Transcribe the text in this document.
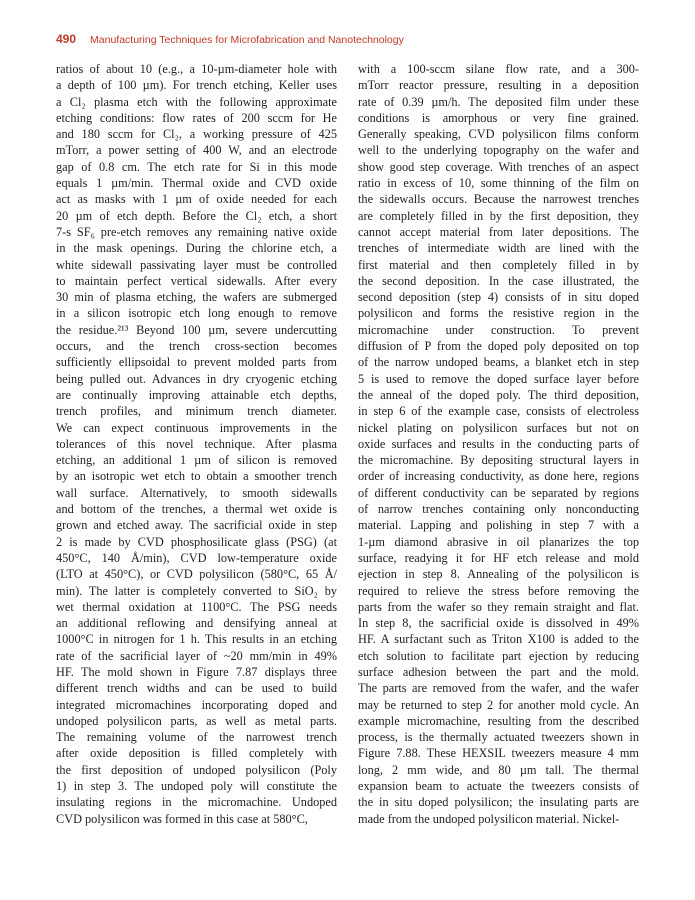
490 Manufacturing Techniques for Microfabrication and Nanotechnology
ratios of about 10 (e.g., a 10-µm-diameter hole with
a depth of 100 µm). For trench etching, Keller uses
a Cl₂ plasma etch with the following approximate
etching conditions: flow rates of 200 sccm for He
and 180 sccm for Cl₂, a working pressure of 425
mTorr, a power setting of 400 W, and an electrode
gap of 0.8 cm. The etch rate for Si in this mode
equals 1 µm/min. Thermal oxide and CVD oxide
act as masks with 1 µm of oxide needed for each
20 µm of etch depth. Before the Cl₂ etch, a short
7-s SF₆ pre-etch removes any remaining native oxide
in the mask openings. During the chlorine etch, a
white sidewall passivating layer must be controlled
to maintain perfect vertical sidewalls. After every
30 min of plasma etching, the wafers are submerged
in a silicon isotropic etch long enough to remove
the residue.²¹³ Beyond 100 µm, severe undercutting
occurs, and the trench cross-section becomes
sufficiently ellipsoidal to prevent molded parts from
being pulled out. Advances in dry cryogenic etching
are continually improving attainable etch depths,
trench profiles, and minimum trench diameter.
We can expect continuous improvements in the
tolerances of this novel technique. After plasma
etching, an additional 1 µm of silicon is removed
by an isotropic wet etch to obtain a smoother trench
wall surface. Alternatively, to smooth sidewalls
and bottom of the trenches, a thermal wet oxide is
grown and etched away. The sacrificial oxide in step
2 is made by CVD phosphosilicate glass (PSG) (at
450°C, 140 Å/min), CVD low-temperature oxide
(LTO at 450°C), or CVD polysilicon (580°C, 65 Å/
min). The latter is completely converted to SiO₂ by
wet thermal oxidation at 1100°C. The PSG needs
an additional reflowing and densifying anneal at
1000°C in nitrogen for 1 h. This results in an etching
rate of the sacrificial layer of ~20 mm/min in 49%
HF. The mold shown in Figure 7.87 displays three
different trench widths and can be used to build
integrated micromachines incorporating doped and
undoped polysilicon parts, as well as metal parts.
The remaining volume of the narrowest trench
after oxide deposition is filled completely with
the first deposition of undoped polysilicon (Poly
1) in step 3. The undoped poly will constitute the
insulating regions in the micromachine. Undoped
CVD polysilicon was formed in this case at 580°C,
with a 100-sccm silane flow rate, and a 300-
mTorr reactor pressure, resulting in a deposition
rate of 0.39 µm/h. The deposited film under these
conditions is amorphous or very fine grained.
Generally speaking, CVD polysilicon films conform
well to the underlying topography on the wafer and
show good step coverage. With trenches of an aspect
ratio in excess of 10, some thinning of the film on
the sidewalls occurs. Because the narrowest trenches
are completely filled in by the first deposition, they
cannot accept material from later depositions. The
trenches of intermediate width are lined with the
first material and then completely filled in by
the second deposition. In the case illustrated, the
second deposition (step 4) consists of in situ doped
polysilicon and forms the resistive region in the
micromachine under construction. To prevent
diffusion of P from the doped poly deposited on top
of the narrow undoped beams, a blanket etch in step
5 is used to remove the doped surface layer before
the anneal of the doped poly. The third deposition,
in step 6 of the example case, consists of electroless
nickel plating on polysilicon surfaces but not on
oxide surfaces and results in the conducting parts of
the micromachine. By depositing structural layers in
order of increasing conductivity, as done here, regions
of different conductivity can be separated by regions
of narrow trenches containing only nonconducting
material. Lapping and polishing in step 7 with a
1-µm diamond abrasive in oil planarizes the top
surface, readying it for HF etch release and mold
ejection in step 8. Annealing of the polysilicon is
required to relieve the stress before removing the
parts from the wafer so they remain straight and flat.
In step 8, the sacrificial oxide is dissolved in 49%
HF. A surfactant such as Triton X100 is added to the
etch solution to facilitate part ejection by reducing
surface adhesion between the part and the mold.
The parts are removed from the wafer, and the wafer
may be returned to step 2 for another mold cycle. An
example micromachine, resulting from the described
process, is the thermally actuated tweezers shown in
Figure 7.88. These HEXSIL tweezers measure 4 mm
long, 2 mm wide, and 80 µm tall. The thermal
expansion beam to actuate the tweezers consists of
the in situ doped polysilicon; the insulating parts are
made from the undoped polysilicon material. Nickel-
